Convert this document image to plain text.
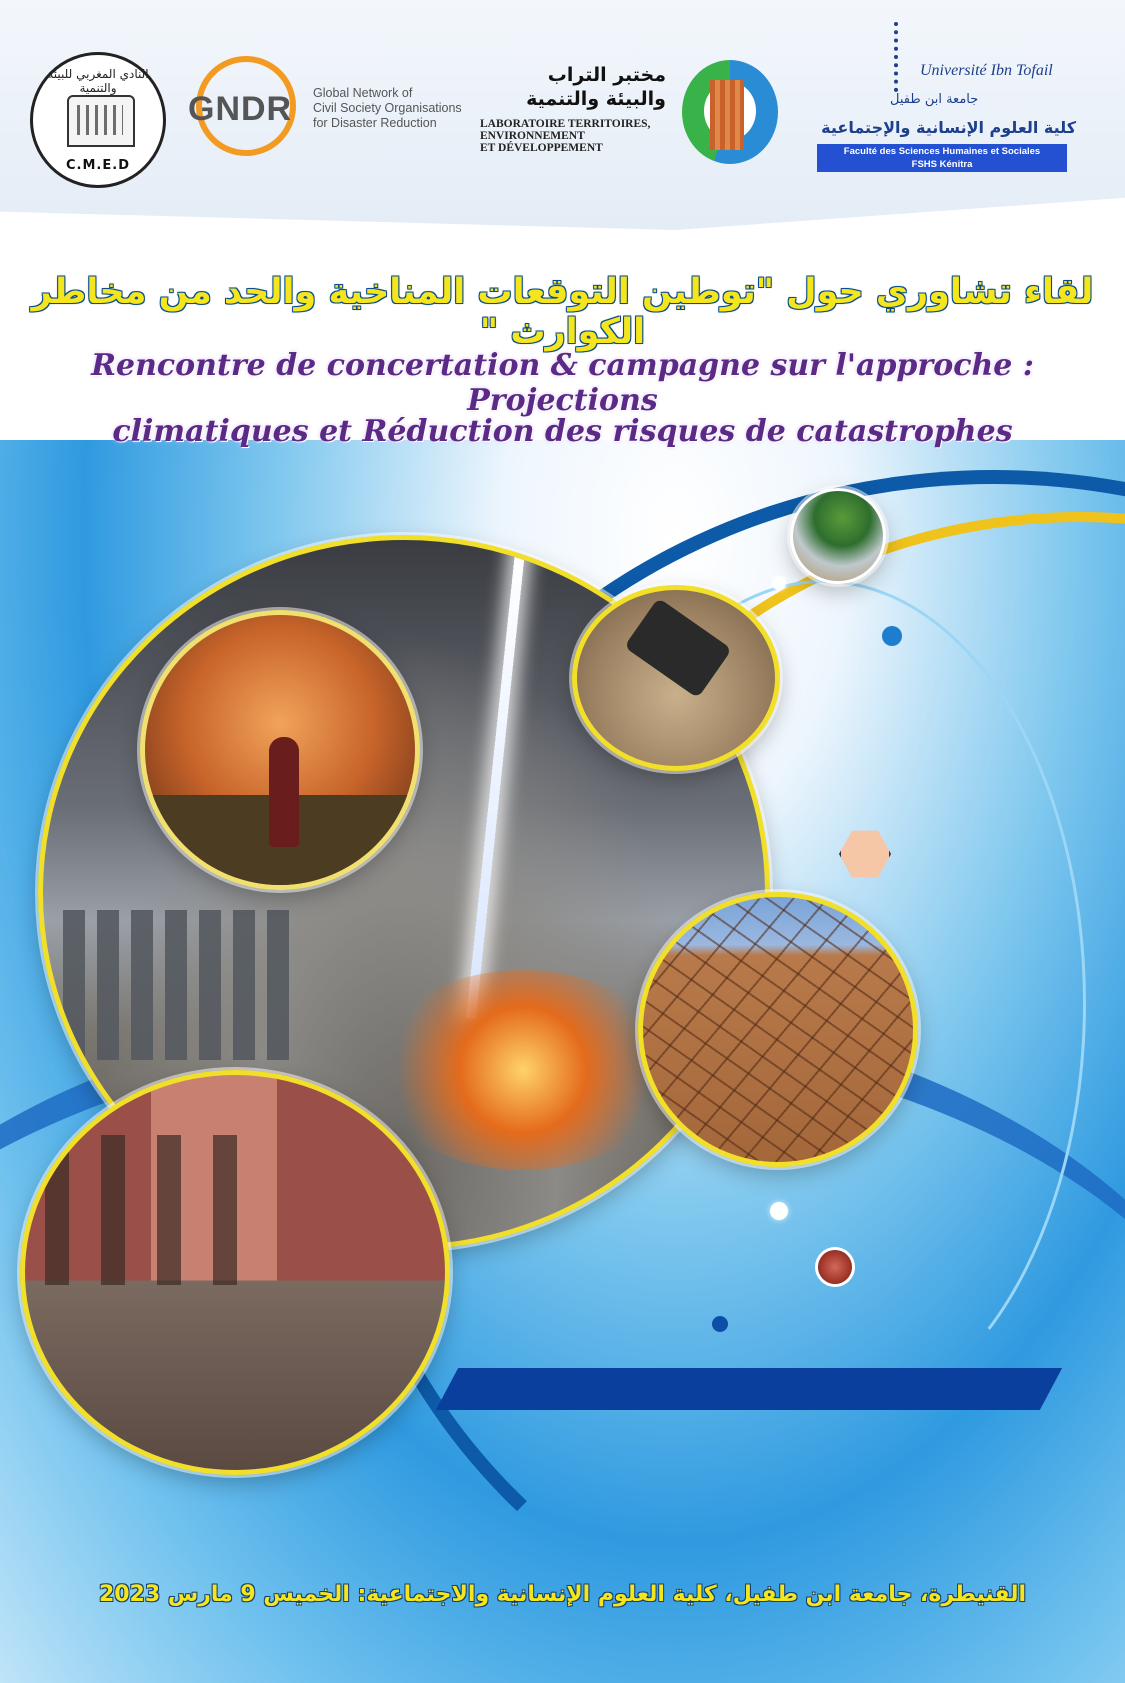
النادي المغربي للبيئة والتنمية
C.M.E.D
GNDR Global Network of
Civil Society Organisations
for Disaster Reduction
مختبر التراب
والبيئة والتنمية
LABORATOIRE TERRITOIRES,
ENVIRONNEMENT
ET DÉVELOPPEMENT
Université Ibn Tofail
جامعة ابن طفيل
كلية العلوم الإنسانية والإجتماعية
Faculté des Sciences Humaines et Sociales
FSHS Kénitra
لقاء تشاوري حول "توطين التوقعات المناخية والحد من مخاطر الكوارث "
Rencontre de concertation & campagne sur l'approche : Projections
climatiques et Réduction des risques de catastrophes
القنيطرة، جامعة ابن طفيل، كلية العلوم الإنسانية والاجتماعية: الخميس 9 مارس 2023
